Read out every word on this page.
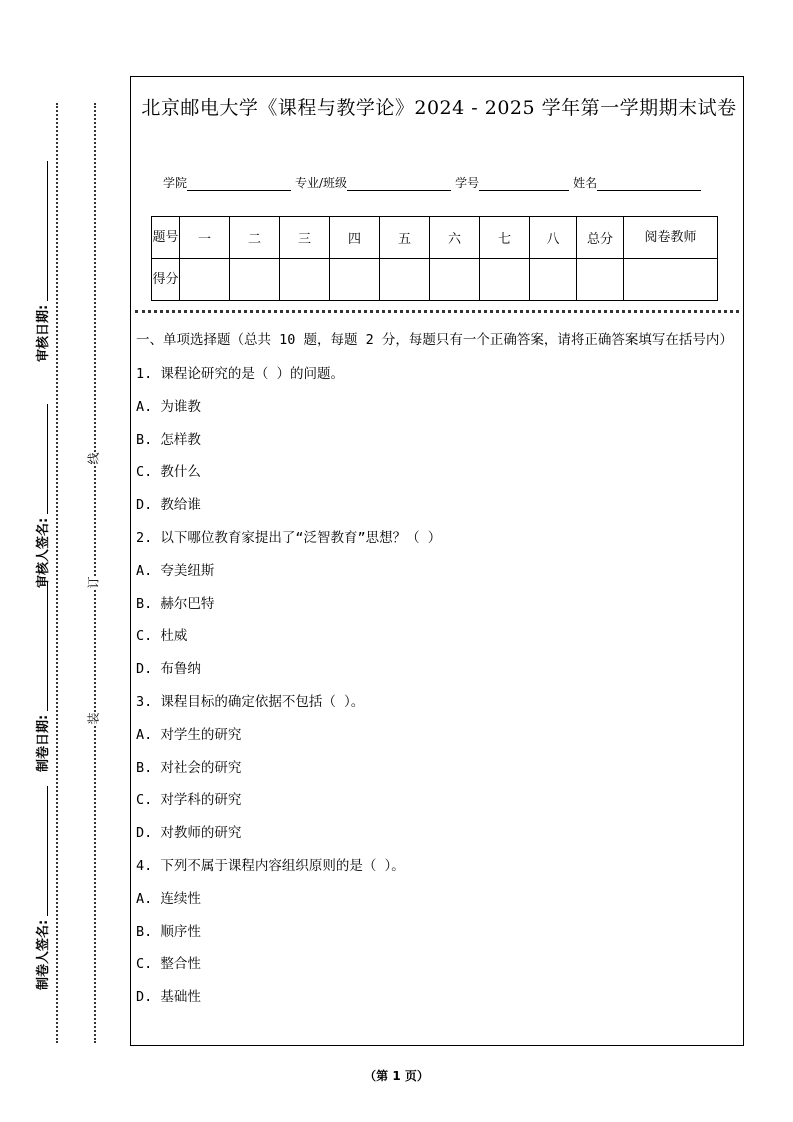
审核日期:
审核人签名:
制卷日期:
制卷人签名:
线
订
装
北京邮电大学《课程与教学论》2024 - 2025 学年第一学期期末试卷
学院	专业/班级	学号	姓名
题号	一	二	三	四	五	六	七	八	总分	阅卷教师
得分										
一、单项选择题（总共 10 题，每题 2 分，每题只有一个正确答案，请将正确答案填写在括号内）
1. 课程论研究的是（ ）的问题。
A. 为谁教
B. 怎样教
C. 教什么
D. 教给谁
2. 以下哪位教育家提出了“泛智教育”思想？（ ）
A. 夸美纽斯
B. 赫尔巴特
C. 杜威
D. 布鲁纳
3. 课程目标的确定依据不包括（ ）。
A. 对学生的研究
B. 对社会的研究
C. 对学科的研究
D. 对教师的研究
4. 下列不属于课程内容组织原则的是（ ）。
A. 连续性
B. 顺序性
C. 整合性
D. 基础性
（第 1 页）
